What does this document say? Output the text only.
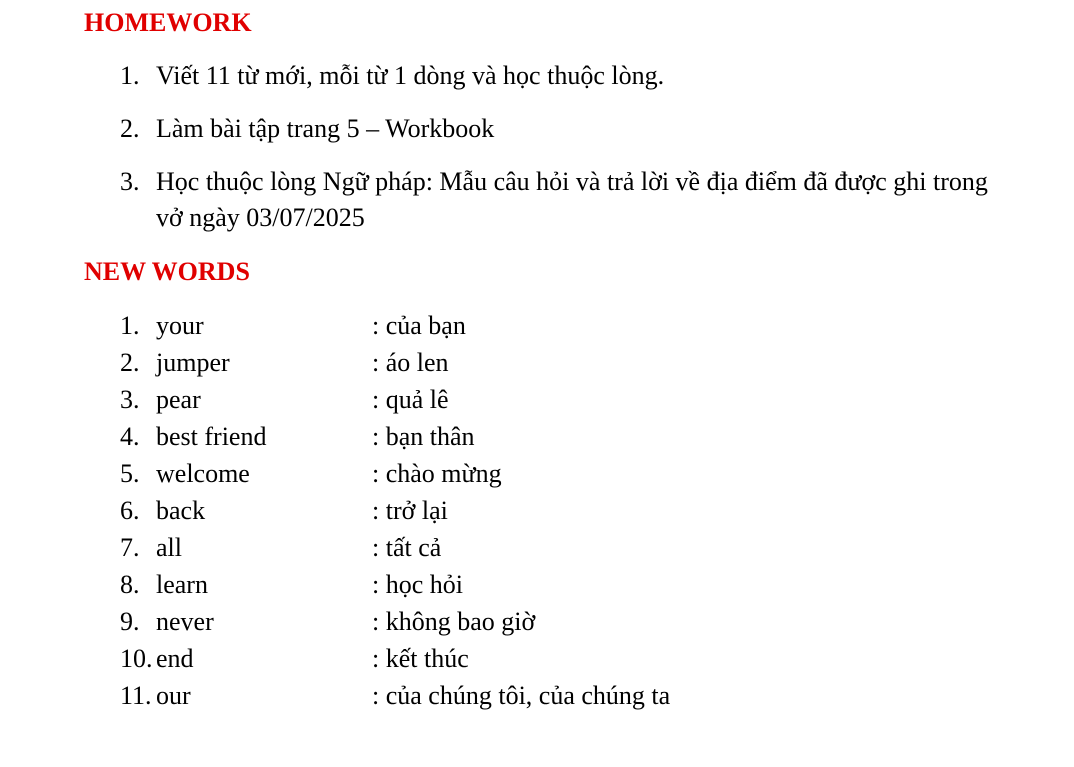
HOMEWORK
1. Viết 11 từ mới, mỗi từ 1 dòng và học thuộc lòng.
2. Làm bài tập trang 5 – Workbook
3. Học thuộc lòng Ngữ pháp: Mẫu câu hỏi và trả lời về địa điểm đã được ghi trong vở ngày 03/07/2025
NEW WORDS
1. your	: của bạn
2. jumper	: áo len
3. pear	: quả lê
4. best friend	: bạn thân
5. welcome	: chào mừng
6. back	: trở lại
7. all	: tất cả
8. learn	: học hỏi
9. never	: không bao giờ
10. end	: kết thúc
11. our	: của chúng tôi, của chúng ta
